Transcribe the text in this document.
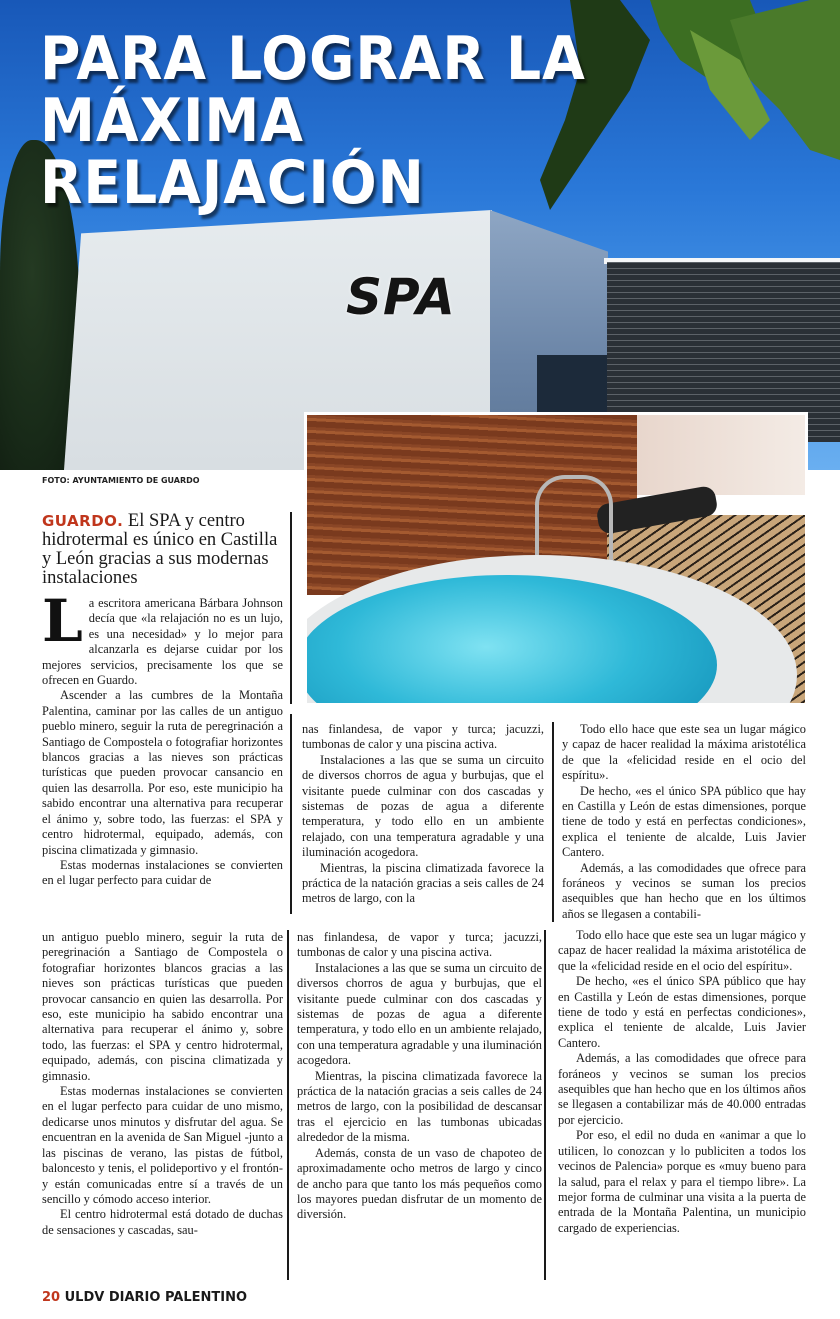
SPA
PARA LOGRAR LA
MÁXIMA RELAJACIÓN
FOTO: AYUNTAMIENTO DE GUARDO
GUARDO. El SPA y centro hidrotermal es único en Castilla y León gracias a sus modernas instalaciones

La escritora americana Bárbara Johnson decía que «la relajación no es un lujo, es una necesidad» y lo mejor para alcanzarla es dejarse cuidar por los mejores servicios, precisamente los que se ofrecen en Guardo.

Ascender a las cumbres de la Montaña Palentina, caminar por las calles de un antiguo pueblo minero, seguir la ruta de peregrinación a Santiago de Compostela o fotografiar horizontes blancos gracias a las nieves son prácticas turísticas que pueden provocar cansancio en quien las desarrolla. Por eso, este municipio ha sabido encontrar una alternativa para recuperar el ánimo y, sobre todo, las fuerzas: el SPA y centro hidrotermal, equipado, además, con piscina climatizada y gimnasio.

Estas modernas instalaciones se convierten en el lugar perfecto para cuidar de

un antiguo pueblo minero, seguir la ruta de peregrinación a Santiago de Compostela o fotografiar horizontes blancos gracias a las nieves son prácticas turísticas que pueden provocar cansancio en quien las desarrolla. Por eso, este municipio ha sabido encontrar una alternativa para recuperar el ánimo y, sobre todo, las fuerzas: el SPA y centro hidrotermal, equipado, además, con piscina climatizada y gimnasio.

Estas modernas instalaciones se convierten en el lugar perfecto para cuidar de uno mismo, dedicarse unos minutos y disfrutar del agua. Se encuentran en la avenida de San Miguel -junto a las piscinas de verano, las pistas de fútbol, baloncesto y tenis, el polideportivo y el frontón- y están comunicadas entre sí a través de un sencillo y cómodo acceso interior.

El centro hidrotermal está dotado de duchas de sensaciones y cascadas, sau-

nas finlandesa, de vapor y turca; jacuzzi, tumbonas de calor y una piscina activa.

Instalaciones a las que se suma un circuito de diversos chorros de agua y burbujas, que el visitante puede culminar con dos cascadas y sistemas de pozas de agua a diferente temperatura, y todo ello en un ambiente relajado, con una temperatura agradable y una iluminación acogedora.

Mientras, la piscina climatizada favorece la práctica de la natación gracias a seis calles de 24 metros de largo, con la

nas finlandesa, de vapor y turca; jacuzzi, tumbonas de calor y una piscina activa.

Instalaciones a las que se suma un circuito de diversos chorros de agua y burbujas, que el visitante puede culminar con dos cascadas y sistemas de pozas de agua a diferente temperatura, y todo ello en un ambiente relajado, con una temperatura agradable y una iluminación acogedora.

Mientras, la piscina climatizada favorece la práctica de la natación gracias a seis calles de 24 metros de largo, con la posibilidad de descansar tras el ejercicio en las tumbonas ubicadas alrededor de la misma.

Además, consta de un vaso de chapoteo de aproximadamente ocho metros de largo y cinco de ancho para que tanto los más pequeños como los mayores puedan disfrutar de un momento de diversión.

Todo ello hace que este sea un lugar mágico y capaz de hacer realidad la máxima aristotélica de que la «felicidad reside en el ocio del espíritu».

De hecho, «es el único SPA público que hay en Castilla y León de estas dimensiones, porque tiene de todo y está en perfectas condiciones», explica el teniente de alcalde, Luis Javier Cantero.

Además, a las comodidades que ofrece para foráneos y vecinos se suman los precios asequibles que han hecho que en los últimos años se llegasen a contabili-

Todo ello hace que este sea un lugar mágico y capaz de hacer realidad la máxima aristotélica de que la «felicidad reside en el ocio del espíritu».

De hecho, «es el único SPA público que hay en Castilla y León de estas dimensiones, porque tiene de todo y está en perfectas condiciones», explica el teniente de alcalde, Luis Javier Cantero.

Además, a las comodidades que ofrece para foráneos y vecinos se suman los precios asequibles que han hecho que en los últimos años se llegasen a contabilizar más de 40.000 entradas por ejercicio.

Por eso, el edil no duda en «animar a que lo utilicen, lo conozcan y lo publiciten a todos los vecinos de Palencia» porque es «muy bueno para la salud, para el relax y para el tiempo libre». La mejor forma de culminar una visita a la puerta de entrada de la Montaña Palentina, un municipio cargado de experiencias.

20 ULDV DIARIO PALENTINO
